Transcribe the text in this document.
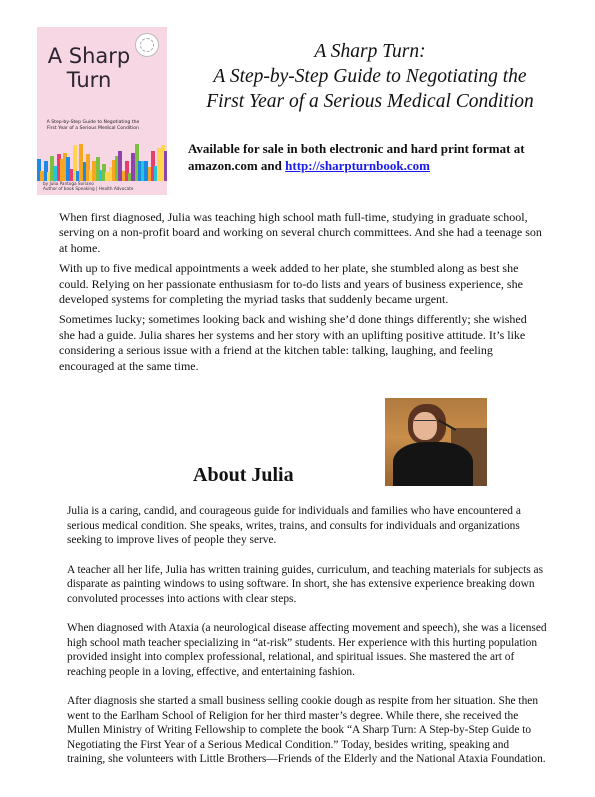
A Sharp Turn
A Step-by-Step Guide to Negotiating the First Year of a Serious Medical Condition
by Julia Pantoga Soriano
Author of book Speaking | Health Advocate
A Sharp Turn:
A Step-by-Step Guide to Negotiating the
First Year of a Serious Medical Condition
Available for sale in both electronic and hard print format at amazon.com and http://sharpturnbook.com

When first diagnosed, Julia was teaching high school math full-time, studying in graduate school, serving on a non-profit board and working on several church committees. And she had a teenage son at home.

With up to five medical appointments a week added to her plate, she stumbled along as best she could. Relying on her passionate enthusiasm for to-do lists and years of business experience, she developed systems for completing the myriad tasks that suddenly became urgent.

Sometimes lucky; sometimes looking back and wishing she’d done things differently; she wished she had a guide. Julia shares her systems and her story with an uplifting positive attitude. It’s like considering a serious issue with a friend at the kitchen table: talking, laughing, and feeling encouraged at the same time.

About Julia

Julia is a caring, candid, and courageous guide for individuals and families who have encountered a serious medical condition. She speaks, writes, trains, and consults for individuals and organizations seeking to improve lives of people they serve.

A teacher all her life, Julia has written training guides, curriculum, and teaching materials for subjects as disparate as painting windows to using software. In short, she has extensive experience breaking down convoluted processes into actions with clear steps.

When diagnosed with Ataxia (a neurological disease affecting movement and speech), she was a licensed high school math teacher specializing in “at-risk” students. Her experience with this hurting population provided insight into complex professional, relational, and spiritual issues. She mastered the art of reaching people in a loving, effective, and entertaining fashion.

After diagnosis she started a small business selling cookie dough as respite from her situation. She then went to the Earlham School of Religion for her third master’s degree. While there, she received the Mullen Ministry of Writing Fellowship to complete the book “A Sharp Turn: A Step-by-Step Guide to Negotiating the First Year of a Serious Medical Condition.” Today, besides writing, speaking and training, she volunteers with Little Brothers—Friends of the Elderly and the National Ataxia Foundation.
